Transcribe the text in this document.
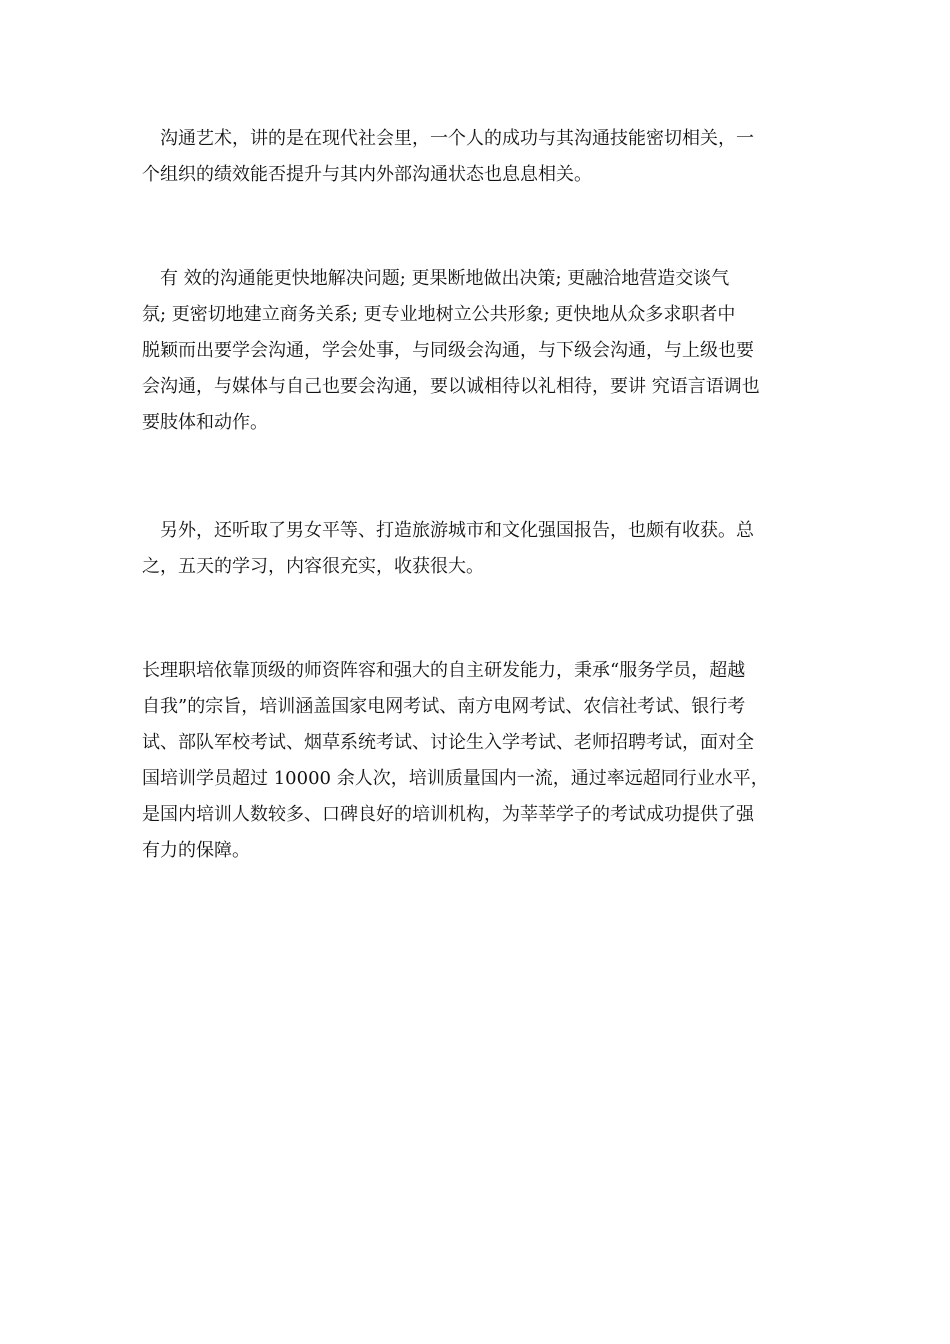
　沟通艺术，讲的是在现代社会里，一个人的成功与其沟通技能密切相关，一
个组织的绩效能否提升与其内外部沟通状态也息息相关。
　有 效的沟通能更快地解决问题; 更果断地做出决策; 更融洽地营造交谈气
氛; 更密切地建立商务关系; 更专业地树立公共形象; 更快地从众多求职者中
脱颖而出要学会沟通，学会处事，与同级会沟通，与下级会沟通，与上级也要
会沟通，与媒体与自己也要会沟通，要以诚相待以礼相待，要讲 究语言语调也
要肢体和动作。
　另外，还听取了男女平等、打造旅游城市和文化强国报告，也颇有收获。总
之，五天的学习，内容很充实，收获很大。
长理职培依靠顶级的师资阵容和强大的自主研发能力，秉承“服务学员，超越
自我”的宗旨，培训涵盖国家电网考试、南方电网考试、农信社考试、银行考
试、部队军校考试、烟草系统考试、讨论生入学考试、老师招聘考试，面对全
国培训学员超过 10000 余人次，培训质量国内一流，通过率远超同行业水平，
是国内培训人数较多、口碑良好的培训机构，为莘莘学子的考试成功提供了强
有力的保障。
